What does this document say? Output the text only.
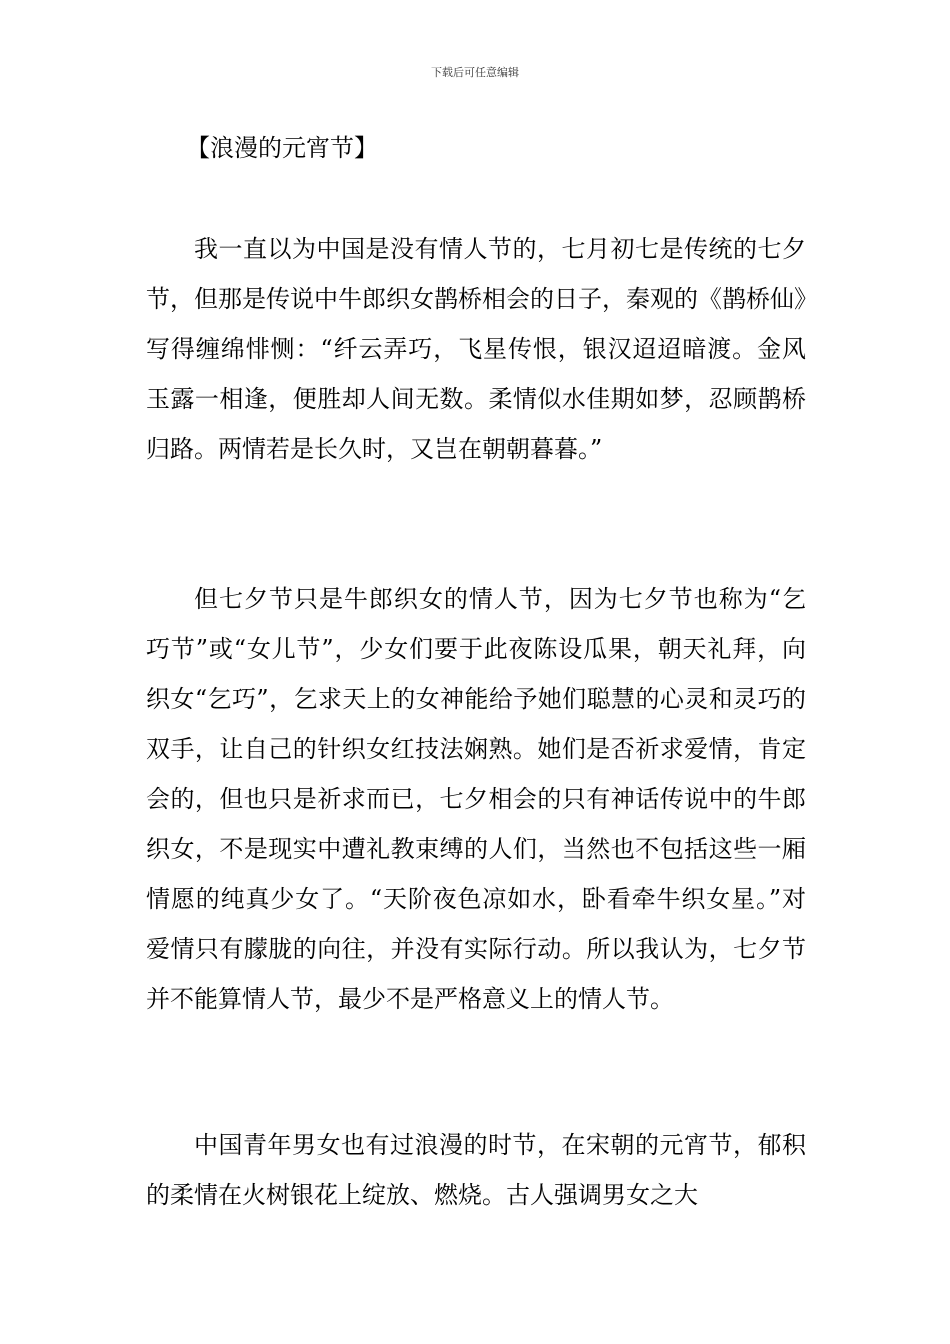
下载后可任意编辑
【浪漫的元宵节】

我一直以为中国是没有情人节的，七月初七是传统的七夕节，但那是传说中牛郎织女鹊桥相会的日子，秦观的《鹊桥仙》写得缠绵悱恻：“纤云弄巧，飞星传恨，银汉迢迢暗渡。金风玉露一相逢，便胜却人间无数。柔情似水佳期如梦，忍顾鹊桥归路。两情若是长久时，又岂在朝朝暮暮。”

但七夕节只是牛郎织女的情人节，因为七夕节也称为“乞巧节”或“女儿节”，少女们要于此夜陈设瓜果，朝天礼拜，向织女“乞巧”，乞求天上的女神能给予她们聪慧的心灵和灵巧的双手，让自己的针织女红技法娴熟。她们是否祈求爱情，肯定会的，但也只是祈求而已，七夕相会的只有神话传说中的牛郎织女，不是现实中遭礼教束缚的人们，当然也不包括这些一厢情愿的纯真少女了。“天阶夜色凉如水，卧看牵牛织女星。”对爱情只有朦胧的向往，并没有实际行动。所以我认为，七夕节并不能算情人节，最少不是严格意义上的情人节。

中国青年男女也有过浪漫的时节，在宋朝的元宵节，郁积的柔情在火树银花上绽放、燃烧。古人强调男女之大
